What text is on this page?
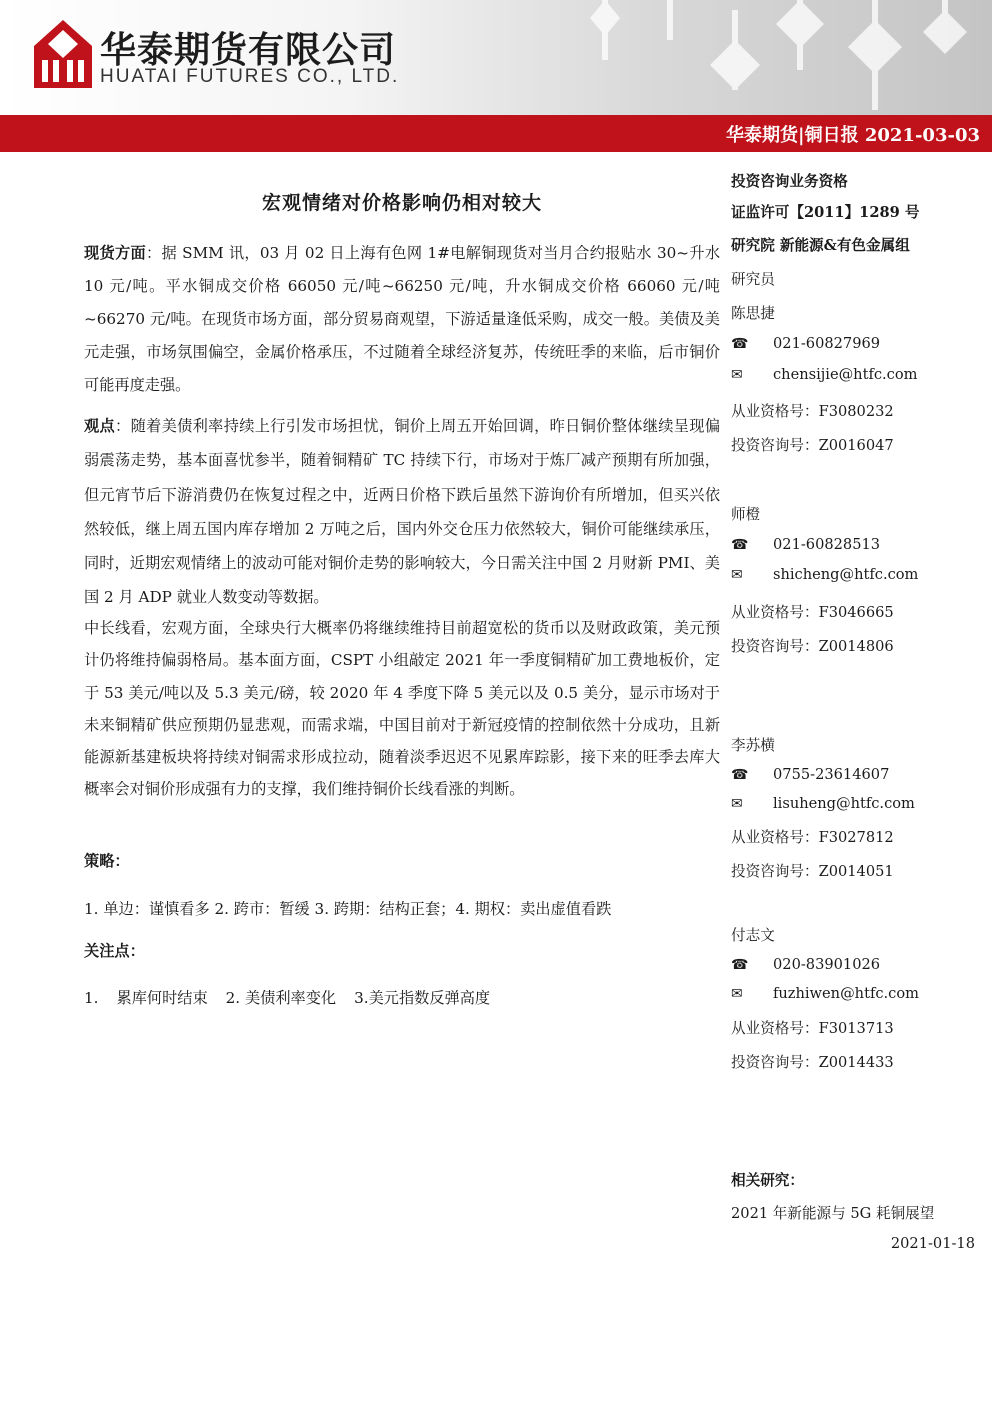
华泰期货有限公司
HUATAI FUTURES CO., LTD.
华泰期货|铜日报 2021-03-03
宏观情绪对价格影响仍相对较大
现货方面：据 SMM 讯，03 月 02 日上海有色网 1#电解铜现货对当月合约报贴水 30~升水 10 元/吨。平水铜成交价格 66050 元/吨~66250 元/吨，升水铜成交价格 66060 元/吨~66270 元/吨。在现货市场方面，部分贸易商观望，下游适量逢低采购，成交一般。美债及美元走强，市场氛围偏空，金属价格承压，不过随着全球经济复苏，传统旺季的来临，后市铜价可能再度走强。
观点：随着美债利率持续上行引发市场担忧，铜价上周五开始回调，昨日铜价整体继续呈现偏弱震荡走势，基本面喜忧参半，随着铜精矿 TC 持续下行，市场对于炼厂减产预期有所加强，但元宵节后下游消费仍在恢复过程之中，近两日价格下跌后虽然下游询价有所增加，但买兴依然较低，继上周五国内库存增加 2 万吨之后，国内外交仓压力依然较大，铜价可能继续承压，同时，近期宏观情绪上的波动可能对铜价走势的影响较大，今日需关注中国 2 月财新 PMI、美国 2 月 ADP 就业人数变动等数据。
中长线看，宏观方面，全球央行大概率仍将继续维持目前超宽松的货币以及财政政策，美元预计仍将维持偏弱格局。基本面方面，CSPT 小组敲定 2021 年一季度铜精矿加工费地板价，定于 53 美元/吨以及 5.3 美元/磅，较 2020 年 4 季度下降 5 美元以及 0.5 美分，显示市场对于未来铜精矿供应预期仍显悲观，而需求端，中国目前对于新冠疫情的控制依然十分成功，且新能源新基建板块将持续对铜需求形成拉动，随着淡季迟迟不见累库踪影，接下来的旺季去库大概率会对铜价形成强有力的支撑，我们维持铜价长线看涨的判断。
策略：
1. 单边：谨慎看多 2. 跨市：暂缓 3. 跨期：结构正套；4. 期权：卖出虚值看跌
关注点：
1. 累库何时结束 2. 美债利率变化 3.美元指数反弹高度
投资咨询业务资格
证监许可【2011】1289 号
研究院 新能源&有色金属组
研究员
陈思捷
☎ 021-60827969
✉ chensijie@htfc.com
从业资格号：F3080232
投资咨询号：Z0016047
师橙
☎ 021-60828513
✉ shicheng@htfc.com
从业资格号：F3046665
投资咨询号：Z0014806
李苏横
☎ 0755-23614607
✉ lisuheng@htfc.com
从业资格号：F3027812
投资咨询号：Z0014051
付志文
☎ 020-83901026
✉ fuzhiwen@htfc.com
从业资格号：F3013713
投资咨询号：Z0014433
相关研究：
2021 年新能源与 5G 耗铜展望
2021-01-18
